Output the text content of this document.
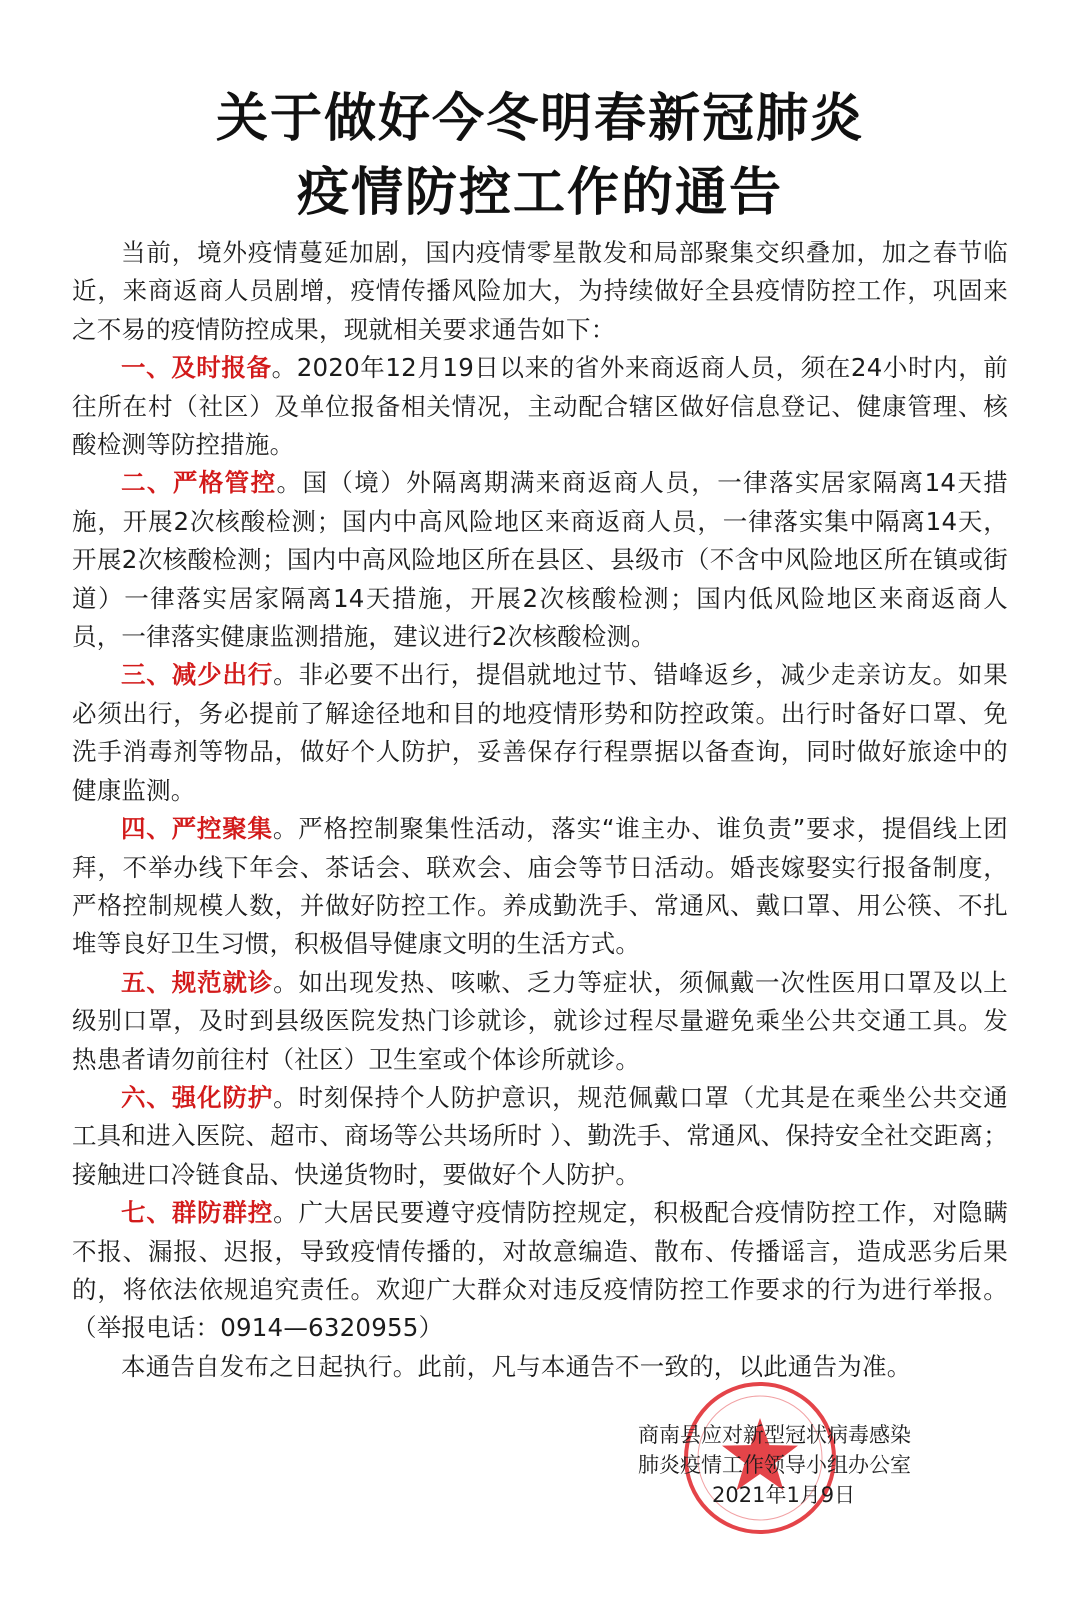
关于做好今冬明春新冠肺炎
疫情防控工作的通告

当前，境外疫情蔓延加剧，国内疫情零星散发和局部聚集交织叠加，加之春节临近，来商返商人员剧增，疫情传播风险加大，为持续做好全县疫情防控工作，巩固来之不易的疫情防控成果，现就相关要求通告如下：

一、及时报备。2020年12月19日以来的省外来商返商人员，须在24小时内，前往所在村（社区）及单位报备相关情况，主动配合辖区做好信息登记、健康管理、核酸检测等防控措施。

二、严格管控。国（境）外隔离期满来商返商人员，一律落实居家隔离14天措施，开展2次核酸检测；国内中高风险地区来商返商人员，一律落实集中隔离14天，开展2次核酸检测；国内中高风险地区所在县区、县级市（不含中风险地区所在镇或街道）一律落实居家隔离14天措施，开展2次核酸检测；国内低风险地区来商返商人员，一律落实健康监测措施，建议进行2次核酸检测。

三、减少出行。非必要不出行，提倡就地过节、错峰返乡，减少走亲访友。如果必须出行，务必提前了解途径地和目的地疫情形势和防控政策。出行时备好口罩、免洗手消毒剂等物品，做好个人防护，妥善保存行程票据以备查询，同时做好旅途中的健康监测。

四、严控聚集。严格控制聚集性活动，落实“谁主办、谁负责”要求，提倡线上团拜，不举办线下年会、茶话会、联欢会、庙会等节日活动。婚丧嫁娶实行报备制度，严格控制规模人数，并做好防控工作。养成勤洗手、常通风、戴口罩、用公筷、不扎堆等良好卫生习惯，积极倡导健康文明的生活方式。

五、规范就诊。如出现发热、咳嗽、乏力等症状，须佩戴一次性医用口罩及以上级别口罩，及时到县级医院发热门诊就诊，就诊过程尽量避免乘坐公共交通工具。发热患者请勿前往村（社区）卫生室或个体诊所就诊。

六、强化防护。时刻保持个人防护意识，规范佩戴口罩（尤其是在乘坐公共交通工具和进入医院、超市、商场等公共场所时 ）、勤洗手、常通风、保持安全社交距离；接触进口冷链食品、快递货物时，要做好个人防护。

七、群防群控。广大居民要遵守疫情防控规定，积极配合疫情防控工作，对隐瞒不报、漏报、迟报，导致疫情传播的，对故意编造、散布、传播谣言，造成恶劣后果的，将依法依规追究责任。欢迎广大群众对违反疫情防控工作要求的行为进行举报。（举报电话：0914—6320955）

本通告自发布之日起执行。此前，凡与本通告不一致的，以此通告为准。

商南县应对新型冠状病毒感染
肺炎疫情工作领导小组办公室
2021年1月9日
